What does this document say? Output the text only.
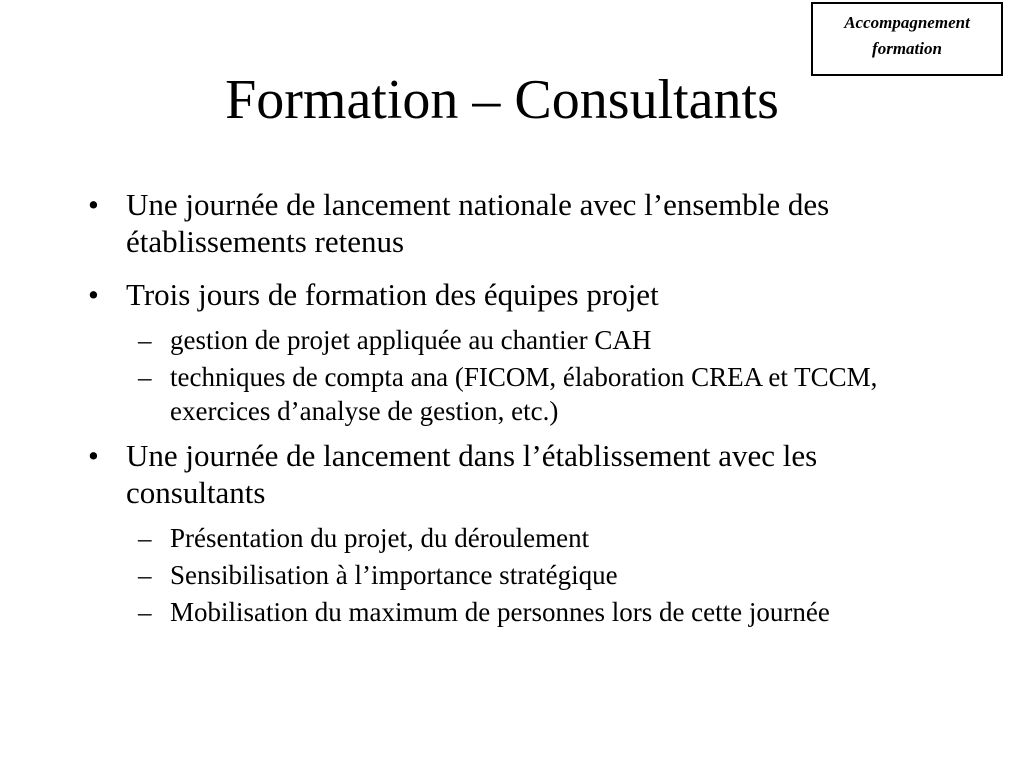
Accompagnement
formation
Formation – Consultants
• Une journée de lancement nationale avec l’ensemble des établissements retenus
• Trois jours de formation des équipes projet
– gestion de projet appliquée au chantier CAH
– techniques de compta ana (FICOM, élaboration CREA et TCCM, exercices d’analyse de gestion, etc.)
• Une journée de lancement dans l’établissement avec les consultants
– Présentation du projet, du déroulement
– Sensibilisation à l’importance stratégique
– Mobilisation du maximum de personnes lors de cette journée
